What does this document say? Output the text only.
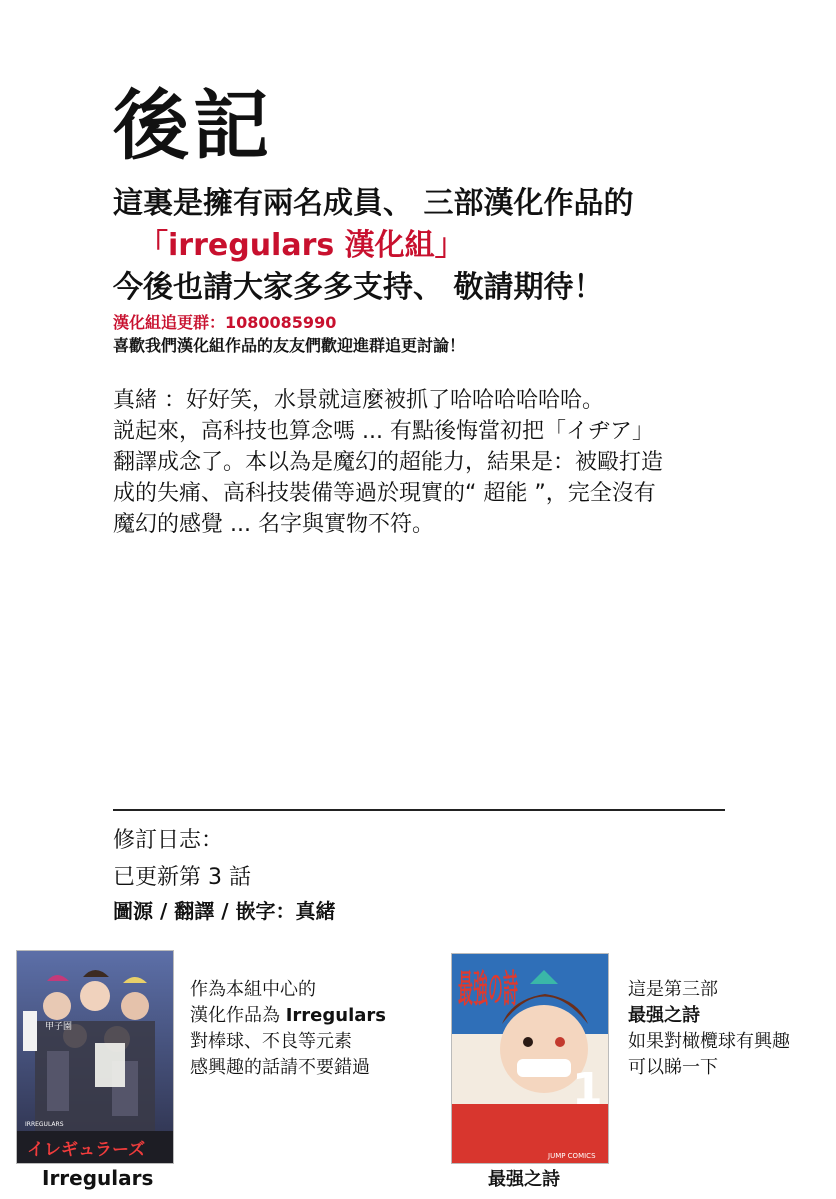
後記
這裏是擁有兩名成員、 三部漢化作品的
「irregulars 漢化組」
今後也請大家多多支持、 敬請期待！
漢化組追更群：1080085990
喜歡我們漢化組作品的友友們歡迎進群追更討論！

真緒 ：好好笑，水景就這麼被抓了哈哈哈哈哈哈。

説起來，高科技也算念嗎 ... 有點後悔當初把「イヂア」

翻譯成念了。本以為是魔幻的超能力，結果是：被毆打造

成的失痛、高科技裝備等過於現實的“ 超能 ”，完全沒有

魔幻的感覺 ... 名字與實物不符。

修訂日志：
已更新第 3 話
圖源 / 翻譯 / 嵌字：真緒
イレギュラーズ
IRREGULARS
甲子園
Irregulars
作為本組中心的
漢化作品為 Irregulars
對棒球、不良等元素
感興趣的話請不要錯過
最強の詩
1
JUMP COMICS
最强之詩
這是第三部
最强之詩
如果對橄欖球有興趣
可以睇一下
